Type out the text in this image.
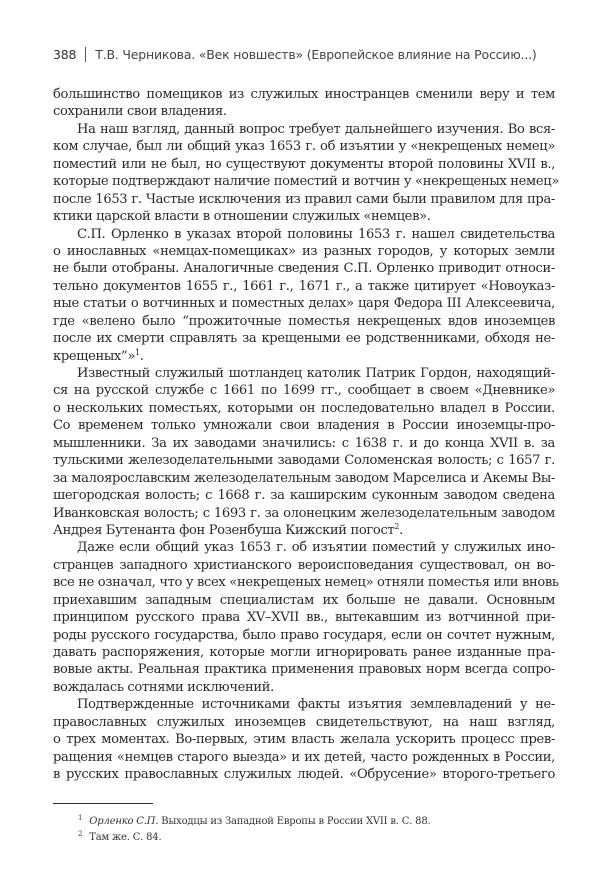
388 Т.В. Черникова. «Век новшеств» (Европейское влияние на Россию...)
большинство помещиков из служилых иностранцев сменили веру и тем
сохранили свои владения.
На наш взгляд, данный вопрос требует дальнейшего изучения. Во вся-
ком случае, был ли общий указ 1653 г. об изъятии у «некрещеных немец»
поместий или не был, но существуют документы второй половины XVII в.,
которые подтверждают наличие поместий и вотчин у «некрещеных немец»
после 1653 г. Частые исключения из правил сами были правилом для пра-
ктики царской власти в отношении служилых «немцев».
С.П. Орленко в указах второй половины 1653 г. нашел свидетельства
о инославных «немцах-помещиках» из разных городов, у которых земли
не были отобраны. Аналогичные сведения С.П. Орленко приводит относи-
тельно документов 1655 г., 1661 г., 1671 г., а также цитирует «Новоуказ-
ные статьи о вотчинных и поместных делах» царя Федора III Алексеевича,
где «велено было “прожиточные поместья некрещеных вдов иноземцев
после их смерти справлять за крещеными ее родственниками, обходя не-
крещеных”»$^1$.
Известный служилый шотландец католик Патрик Гордон, находящий-
ся на русской службе с 1661 по 1699 гг., сообщает в своем «Дневнике»
о нескольких поместьях, которыми он последовательно владел в России.
Со временем только умножали свои владения в России иноземцы-про-
мышленники. За их заводами значились: с 1638 г. и до конца XVII в. за
тульскими железоделательными заводами Соломенская волость; с 1657 г.
за малоярославским железоделательным заводом Марселиса и Акемы Вы-
шегородская волость; с 1668 г. за каширским суконным заводом сведена
Иванковская волость; с 1693 г. за олонецким железоделательным заводом
Андрея Бутенанта фон Розенбуша Кижский погост$^2$.
Даже если общий указ 1653 г. об изъятии поместий у служилых ино-
странцев западного христианского вероисповедания существовал, он во-
все не означал, что у всех «некрещеных немец» отняли поместья или вновь
приехавшим западным специалистам их больше не давали. Основным
принципом русского права XV–XVII вв., вытекавшим из вотчинной при-
роды русского государства, было право государя, если он сочтет нужным,
давать распоряжения, которые могли игнорировать ранее изданные пра-
вовые акты. Реальная практика применения правовых норм всегда сопро-
вождалась сотнями исключений.
Подтвержденные источниками факты изъятия землевладений у не-
православных служилых иноземцев свидетельствуют, на наш взгляд,
о трех моментах. Во-первых, этим власть желала ускорить процесс прев-
ращения «немцев старого выезда» и их детей, часто рожденных в России,
в русских православных служилых людей. «Обрусение» второго-третьего
$^1$ Орленко С.П. Выходцы из Западной Европы в России XVII в. С. 88.
$^2$ Там же. С. 84.
